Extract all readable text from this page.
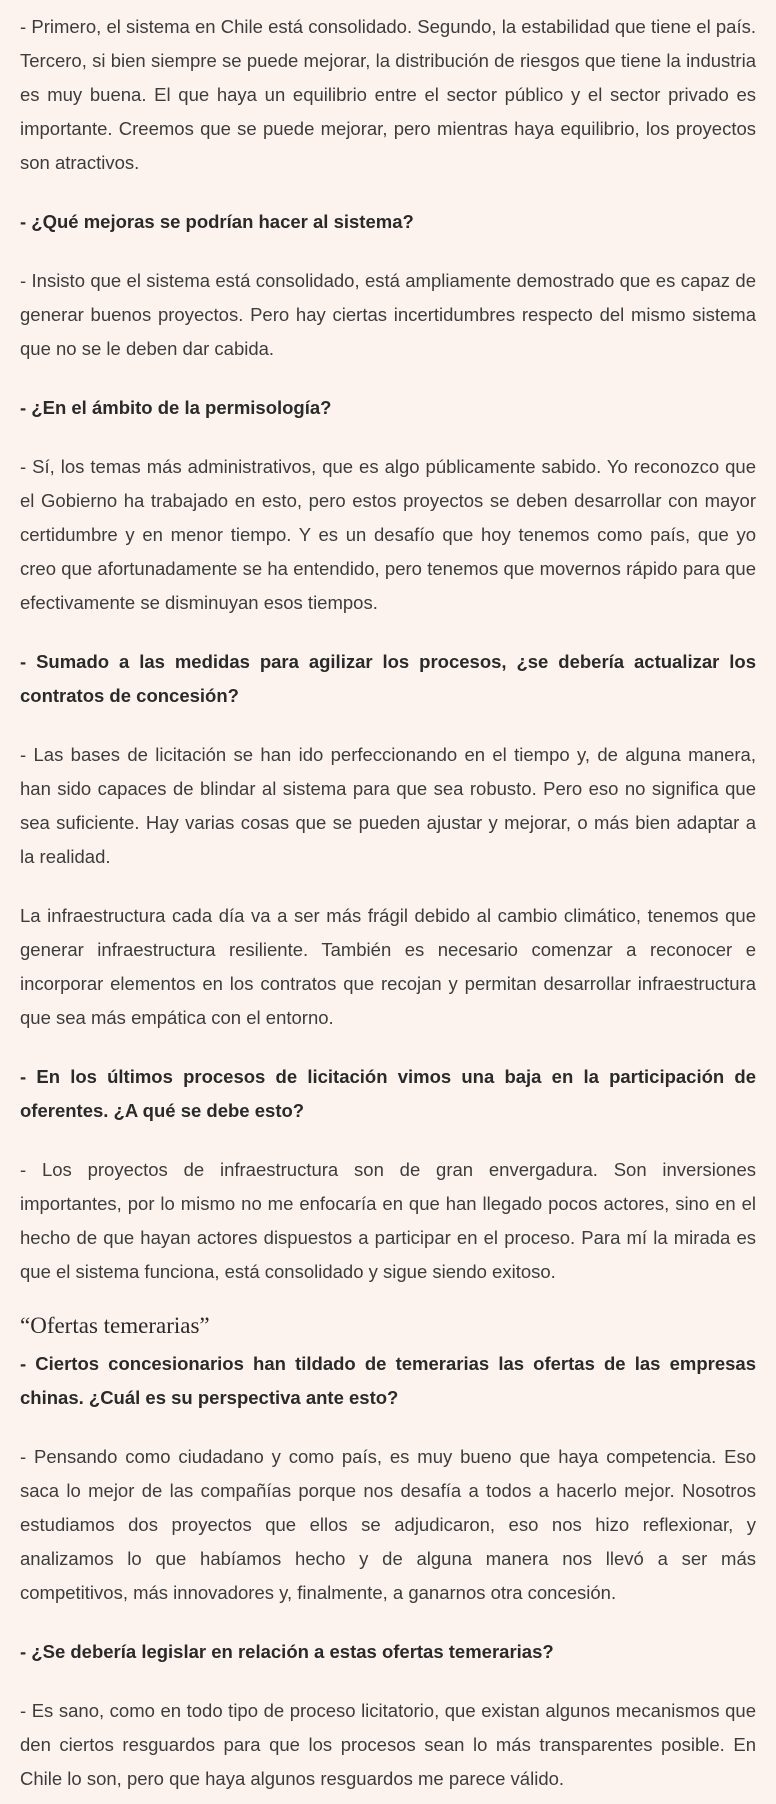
- Primero, el sistema en Chile está consolidado. Segundo, la estabilidad que tiene el país. Tercero, si bien siempre se puede mejorar, la distribución de riesgos que tiene la industria es muy buena. El que haya un equilibrio entre el sector público y el sector privado es importante. Creemos que se puede mejorar, pero mientras haya equilibrio, los proyectos son atractivos.

- ¿Qué mejoras se podrían hacer al sistema?

- Insisto que el sistema está consolidado, está ampliamente demostrado que es capaz de generar buenos proyectos. Pero hay ciertas incertidumbres respecto del mismo sistema que no se le deben dar cabida.

- ¿En el ámbito de la permisología?

- Sí, los temas más administrativos, que es algo públicamente sabido. Yo reconozco que el Gobierno ha trabajado en esto, pero estos proyectos se deben desarrollar con mayor certidumbre y en menor tiempo. Y es un desafío que hoy tenemos como país, que yo creo que afortunadamente se ha entendido, pero tenemos que movernos rápido para que efectivamente se disminuyan esos tiempos.

- Sumado a las medidas para agilizar los procesos, ¿se debería actualizar los contratos de concesión?

- Las bases de licitación se han ido perfeccionando en el tiempo y, de alguna manera, han sido capaces de blindar al sistema para que sea robusto. Pero eso no significa que sea suficiente. Hay varias cosas que se pueden ajustar y mejorar, o más bien adaptar a la realidad.

La infraestructura cada día va a ser más frágil debido al cambio climático, tenemos que generar infraestructura resiliente. También es necesario comenzar a reconocer e incorporar elementos en los contratos que recojan y permitan desarrollar infraestructura que sea más empática con el entorno.

- En los últimos procesos de licitación vimos una baja en la participación de oferentes. ¿A qué se debe esto?

- Los proyectos de infraestructura son de gran envergadura. Son inversiones importantes, por lo mismo no me enfocaría en que han llegado pocos actores, sino en el hecho de que hayan actores dispuestos a participar en el proceso. Para mí la mirada es que el sistema funciona, está consolidado y sigue siendo exitoso.

“Ofertas temerarias”

- Ciertos concesionarios han tildado de temerarias las ofertas de las empresas chinas. ¿Cuál es su perspectiva ante esto?

- Pensando como ciudadano y como país, es muy bueno que haya competencia. Eso saca lo mejor de las compañías porque nos desafía a todos a hacerlo mejor. Nosotros estudiamos dos proyectos que ellos se adjudicaron, eso nos hizo reflexionar, y analizamos lo que habíamos hecho y de alguna manera nos llevó a ser más competitivos, más innovadores y, finalmente, a ganarnos otra concesión.

- ¿Se debería legislar en relación a estas ofertas temerarias?

- Es sano, como en todo tipo de proceso licitatorio, que existan algunos mecanismos que den ciertos resguardos para que los procesos sean lo más transparentes posible. En Chile lo son, pero que haya algunos resguardos me parece válido.
